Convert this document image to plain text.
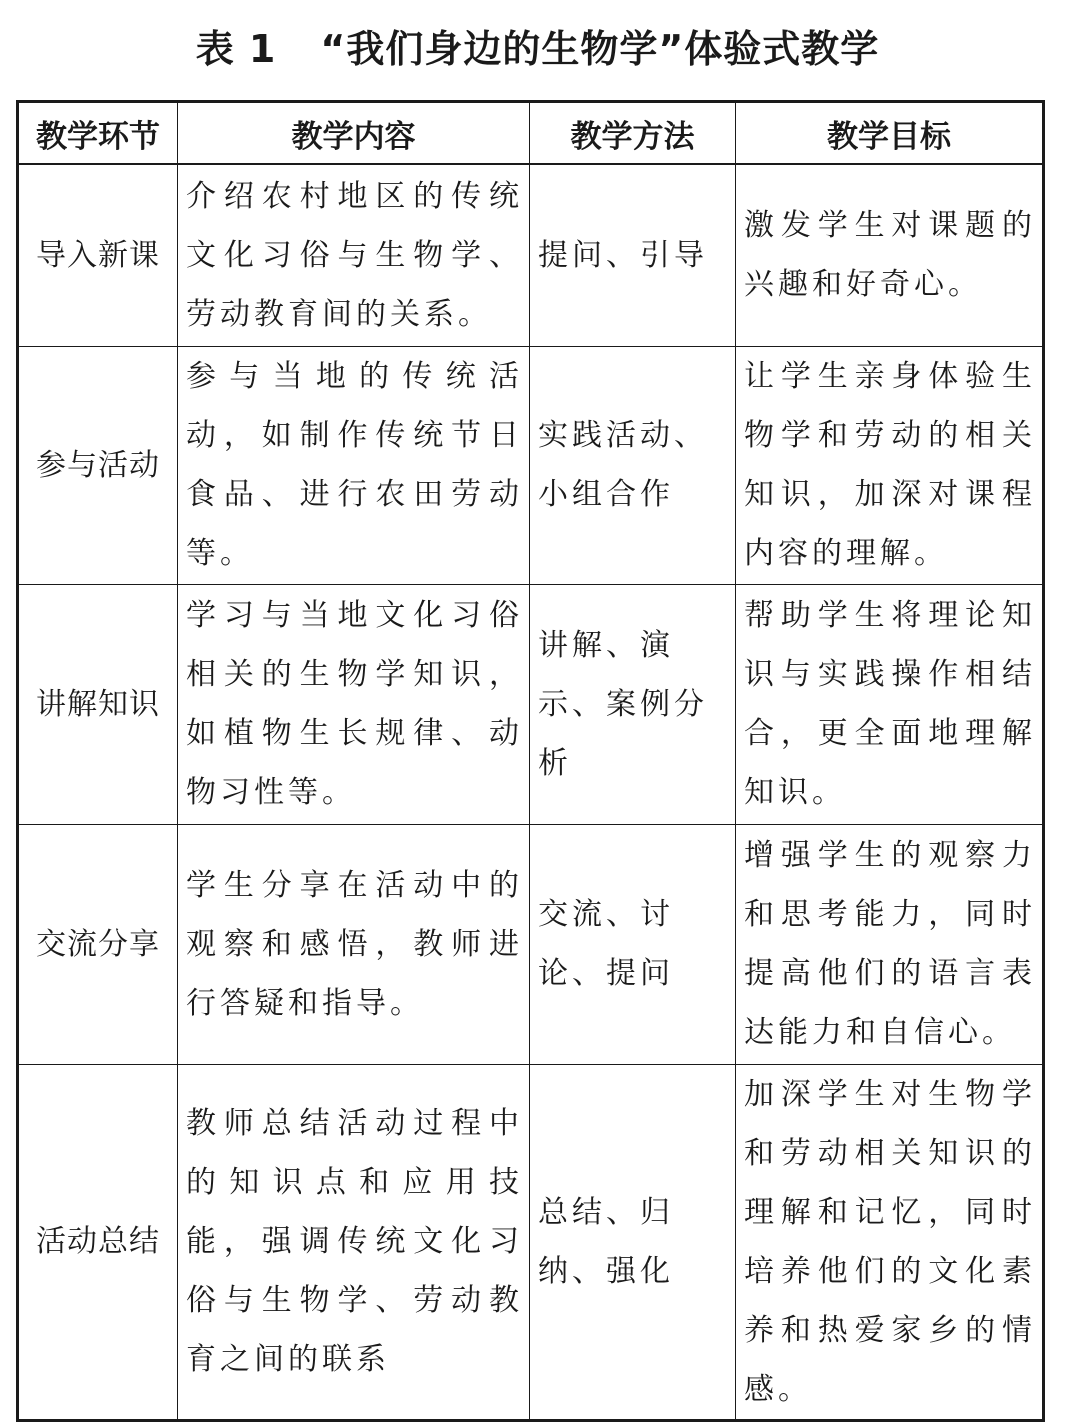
表 1 “我们身边的生物学”体验式教学
教学环节	教学内容	教学方法	教学目标
导入新课	介绍农村地区的传统文化习俗与生物学、劳动教育间的关系。	提问、引导	激发学生对课题的兴趣和好奇心。
参与活动	参与当地的传统活动，如制作传统节日食品、进行农田劳动等。	实践活动、小组合作	让学生亲身体验生物学和劳动的相关知识，加深对课程内容的理解。
讲解知识	学习与当地文化习俗相关的生物学知识，如植物生长规律、动物习性等。	讲解、演示、案例分析	帮助学生将理论知识与实践操作相结合，更全面地理解知识。
交流分享	学生分享在活动中的观察和感悟，教师进行答疑和指导。	交流、讨论、提问	增强学生的观察力和思考能力，同时提高他们的语言表达能力和自信心。
活动总结	教师总结活动过程中的知识点和应用技能，强调传统文化习俗与生物学、劳动教育之间的联系	总结、归纳、强化	加深学生对生物学和劳动相关知识的理解和记忆，同时培养他们的文化素养和热爱家乡的情感。
